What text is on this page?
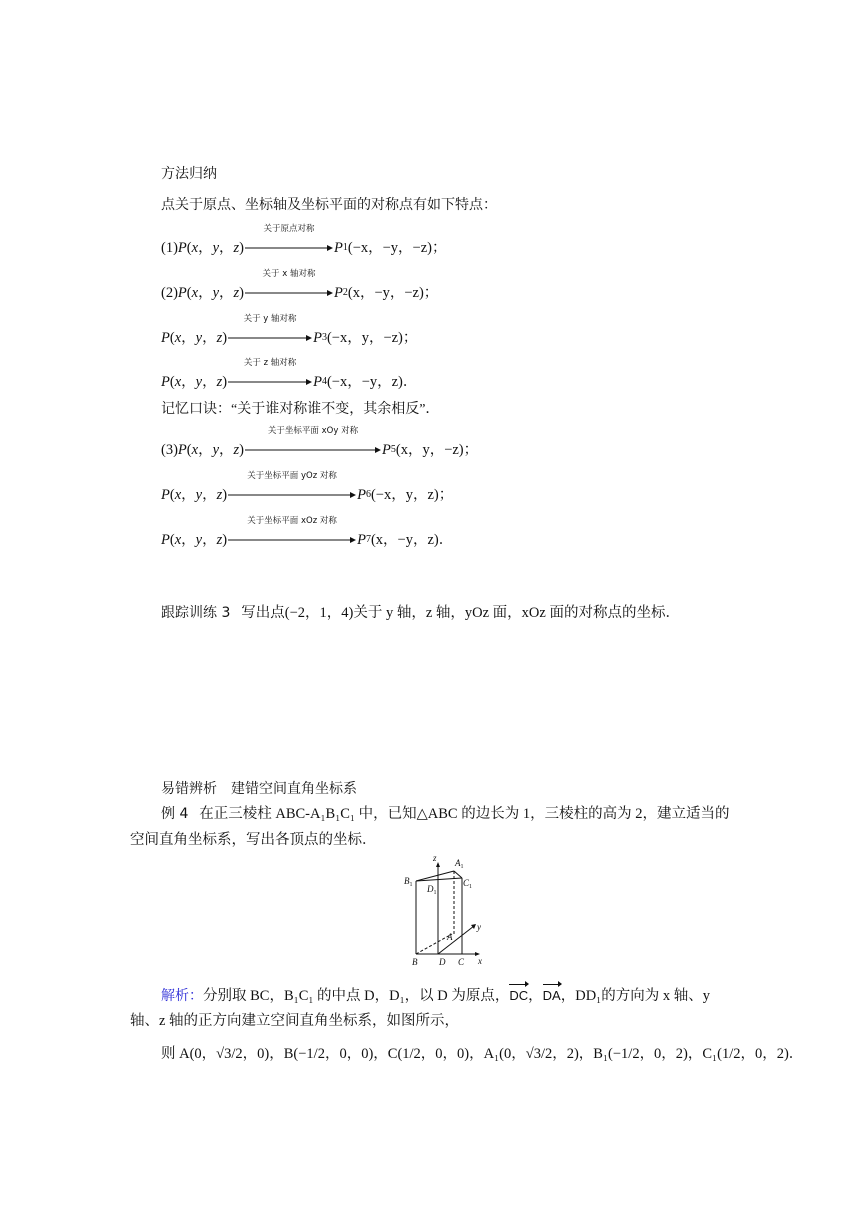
方法归纳
点关于原点、坐标轴及坐标平面的对称点有如下特点：
(1) P ( x ， y ， z )
关于原点对称
P 1 (−x，−y，−z)；
(2) P ( x ， y ， z )
关于 x 轴对称
P 2 (x，−y，−z)；
P ( x ， y ， z )
关于 y 轴对称
P 3 (−x，y，−z)；
P ( x ， y ， z )
关于 z 轴对称
P 4 (−x，−y，z)．
(3) P ( x ， y ， z )
关于坐标平面 xOy 对称
P 5 (x，y，−z)；
P ( x ， y ， z )
关于坐标平面 yOz 对称
P 6 (−x，y，z)；
P ( x ， y ， z )
关于坐标平面 xOz 对称
P 7 (x，−y，z)．
记忆口诀：“关于谁对称谁不变，其余相反”．
跟踪训练 3 写出点(−2，1，4)关于 y 轴，z 轴，yOz 面，xOz 面的对称点的坐标．
易错辨析　建错空间直角坐标系
例 4 在正三棱柱 ABC-A₁B₁C₁ 中，已知△ABC 的边长为 1，三棱柱的高为 2，建立适当的空间直角坐标系，写出各顶点的坐标．
z
y
x
$A_1$
$C_1$
$B_1$ $D_1$
A
B D C
解析：分别取 BC，B₁C₁ 的中点 D，D₁，以 D 为原点，DC，DA，DD₁的方向为 x 轴、y
轴、z 轴的正方向建立空间直角坐标系，如图所示，
则 A(0，√3/2，0)，B(−1/2，0，0)，C(1/2，0，0)，A₁(0，√3/2，2)，B₁(−1/2，0，2)，C₁(1/2，0，2)．
